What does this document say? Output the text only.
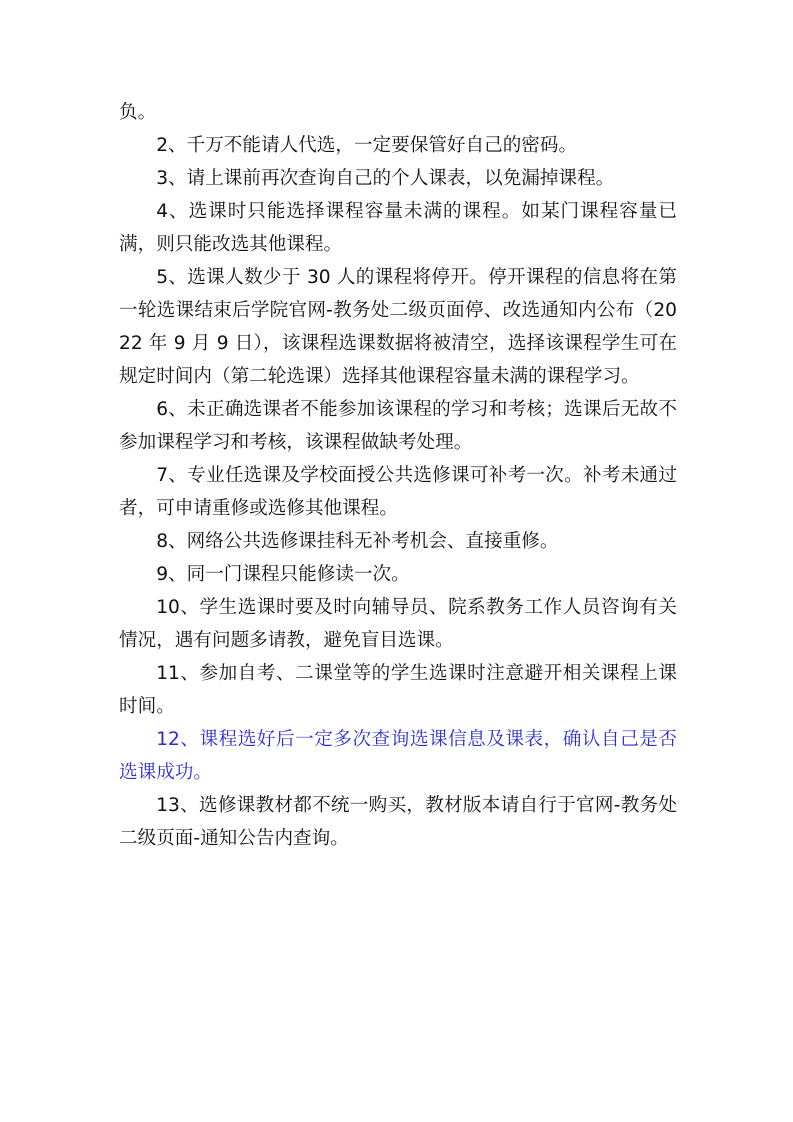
负。

2、千万不能请人代选，一定要保管好自己的密码。

3、请上课前再次查询自己的个人课表，以免漏掉课程。

4、选课时只能选择课程容量未满的课程。如某门课程容量已满，则只能改选其他课程。

5、选课人数少于 30 人的课程将停开。停开课程的信息将在第一轮选课结束后学院官网-教务处二级页面停、改选通知内公布（2022 年 9 月 9 日），该课程选课数据将被清空，选择该课程学生可在规定时间内（第二轮选课）选择其他课程容量未满的课程学习。

6、未正确选课者不能参加该课程的学习和考核；选课后无故不参加课程学习和考核，该课程做缺考处理。

7、专业任选课及学校面授公共选修课可补考一次。补考未通过者，可申请重修或选修其他课程。

8、网络公共选修课挂科无补考机会、直接重修。

9、同一门课程只能修读一次。

10、学生选课时要及时向辅导员、院系教务工作人员咨询有关情况，遇有问题多请教，避免盲目选课。

11、参加自考、二课堂等的学生选课时注意避开相关课程上课时间。

12、课程选好后一定多次查询选课信息及课表，确认自己是否选课成功。

13、选修课教材都不统一购买，教材版本请自行于官网-教务处二级页面-通知公告内查询。
